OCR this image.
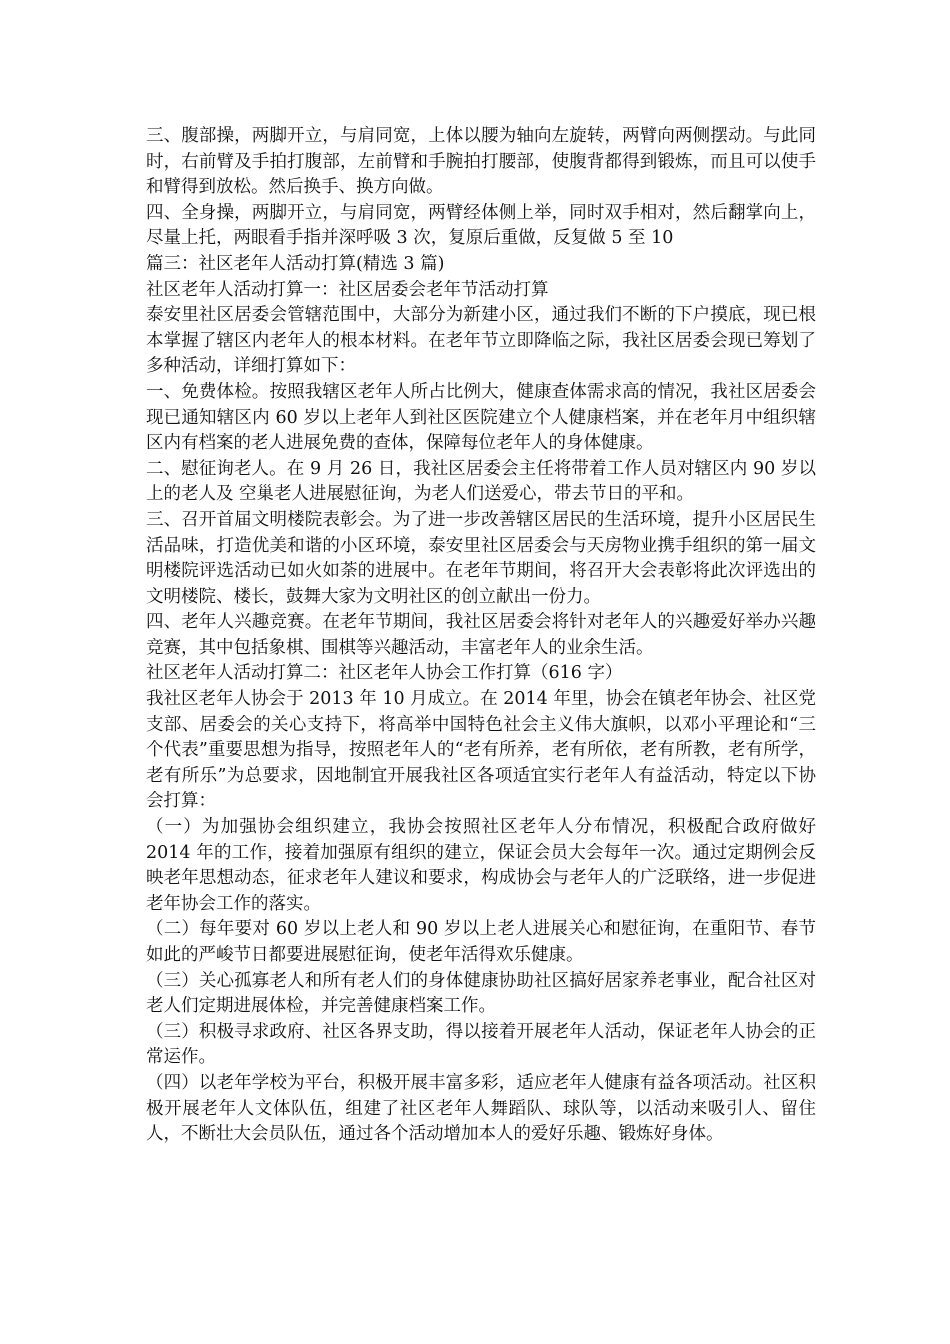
三、腹部操，两脚开立，与肩同宽，上体以腰为轴向左旋转，两臂向两侧摆动。与此同时，右前臂及手拍打腹部，左前臂和手腕拍打腰部，使腹背都得到锻炼，而且可以使手和臂得到放松。然后换手、换方向做。

四、全身操，两脚开立，与肩同宽，两臂经体侧上举，同时双手相对，然后翻掌向上，尽量上托，两眼看手指并深呼吸 3 次，复原后重做，反复做 5 至 10

篇三：社区老年人活动打算(精选 3 篇)

社区老年人活动打算一：社区居委会老年节活动打算

泰安里社区居委会管辖范围中，大部分为新建小区，通过我们不断的下户摸底，现已根本掌握了辖区内老年人的根本材料。在老年节立即降临之际，我社区居委会现已筹划了多种活动，详细打算如下：

一、免费体检。按照我辖区老年人所占比例大，健康查体需求高的情况，我社区居委会现已通知辖区内 60 岁以上老年人到社区医院建立个人健康档案，并在老年月中组织辖区内有档案的老人进展免费的查体，保障每位老年人的身体健康。

二、慰征询老人。在 9 月 26 日，我社区居委会主任将带着工作人员对辖区内 90 岁以上的老人及 空巢老人进展慰征询，为老人们送爱心，带去节日的平和。

三、召开首届文明楼院表彰会。为了进一步改善辖区居民的生活环境，提升小区居民生活品味，打造优美和谐的小区环境，泰安里社区居委会与天房物业携手组织的第一届文明楼院评选活动已如火如荼的进展中。在老年节期间，将召开大会表彰将此次评选出的文明楼院、楼长，鼓舞大家为文明社区的创立献出一份力。

四、老年人兴趣竞赛。在老年节期间，我社区居委会将针对老年人的兴趣爱好举办兴趣竞赛，其中包括象棋、围棋等兴趣活动，丰富老年人的业余生活。

社区老年人活动打算二：社区老年人协会工作打算（616 字）

我社区老年人协会于 2013 年 10 月成立。在 2014 年里，协会在镇老年协会、社区党支部、居委会的关心支持下，将高举中国特色社会主义伟大旗帜，以邓小平理论和“三个代表”重要思想为指导，按照老年人的“老有所养，老有所依，老有所教，老有所学，老有所乐”为总要求，因地制宜开展我社区各项适宜实行老年人有益活动，特定以下协会打算：

（一）为加强协会组织建立，我协会按照社区老年人分布情况，积极配合政府做好 2014 年的工作，接着加强原有组织的建立，保证会员大会每年一次。通过定期例会反映老年思想动态，征求老年人建议和要求，构成协会与老年人的广泛联络，进一步促进老年协会工作的落实。

（二）每年要对 60 岁以上老人和 90 岁以上老人进展关心和慰征询，在重阳节、春节如此的严峻节日都要进展慰征询，使老年活得欢乐健康。

（三）关心孤寡老人和所有老人们的身体健康协助社区搞好居家养老事业，配合社区对老人们定期进展体检，并完善健康档案工作。

（三）积极寻求政府、社区各界支助，得以接着开展老年人活动，保证老年人协会的正常运作。

（四）以老年学校为平台，积极开展丰富多彩，适应老年人健康有益各项活动。社区积极开展老年人文体队伍，组建了社区老年人舞蹈队、球队等，以活动来吸引人、留住人，不断壮大会员队伍，通过各个活动增加本人的爱好乐趣、锻炼好身体。
